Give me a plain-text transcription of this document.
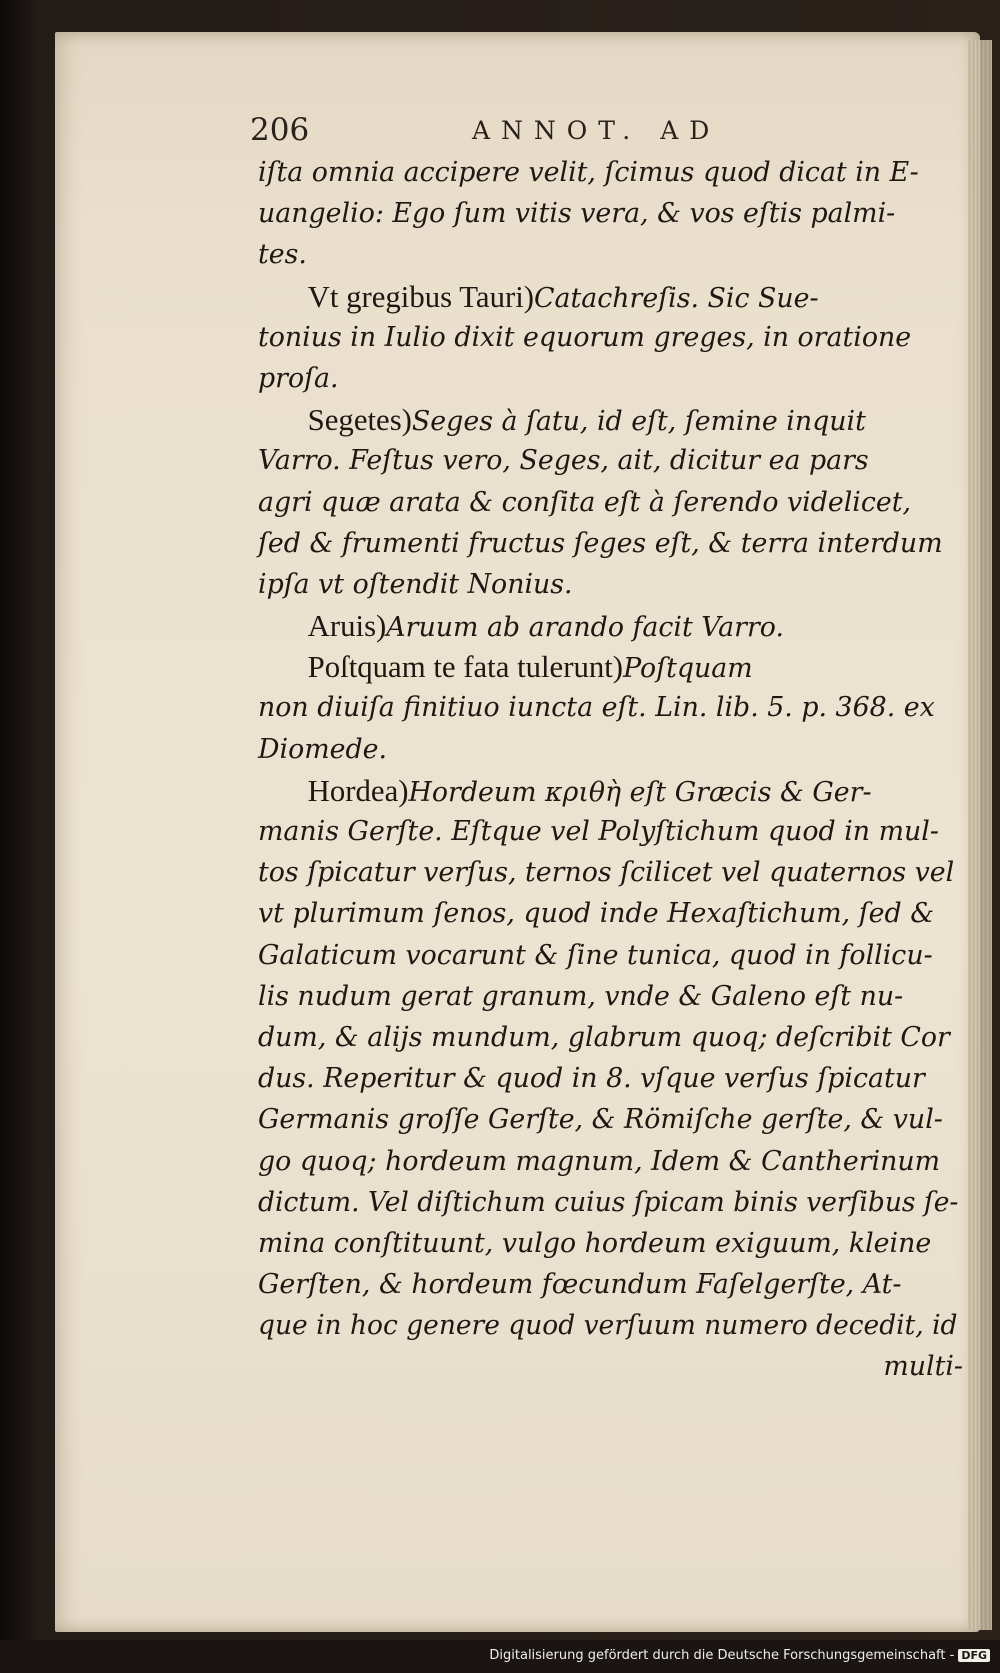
206	ANNOT. AD
iſta omnia accipere velit, ſcimus quod dicat in E-
uangelio: Ego ſum vitis vera, & vos eſtis palmi-
tes.
Vt gregibus Tauri)Catachreſis. Sic Sue-
tonius in Iulio dixit equorum greges, in oratione
proſa.
Segetes)Seges à ſatu, id eſt, ſemine inquit
Varro. Feſtus vero, Seges, ait, dicitur ea pars
agri quæ arata & conſita eſt à ſerendo videlicet,
ſed & frumenti fructus ſeges eſt, & terra interdum
ipſa vt oſtendit Nonius.
Aruis)Aruum ab arando facit Varro.
Poſtquam te fata tulerunt)Poſtquam
non diuiſa finitiuo iuncta eſt. Lin. lib. 5. p. 368. ex
Diomede.
Hordea)Hordeum κριθὴ eſt Græcis & Ger-
manis Gerſte. Eſtque vel Polyſtichum quod in mul-
tos ſpicatur verſus, ternos ſcilicet vel quaternos vel
vt plurimum ſenos, quod inde Hexaſtichum, ſed &
Galaticum vocarunt & ſine tunica, quod in follicu-
lis nudum gerat granum, vnde & Galeno eſt nu-
dum, & alijs mundum, glabrum quoq; deſcribit Cor
dus. Reperitur & quod in 8. vſque verſus ſpicatur
Germanis groſſe Gerſte, & Römiſche gerſte, & vul-
go quoq; hordeum magnum, Idem & Cantherinum
dictum. Vel diſtichum cuius ſpicam binis verſibus ſe-
mina conſtituunt, vulgo hordeum exiguum, kleine
Gerſten, & hordeum fœcundum Faſelgerſte, At-
que in hoc genere quod verſuum numero decedit, id
multi-
Digitalisierung gefördert durch die Deutsche Forschungsgemeinschaft - DFG
